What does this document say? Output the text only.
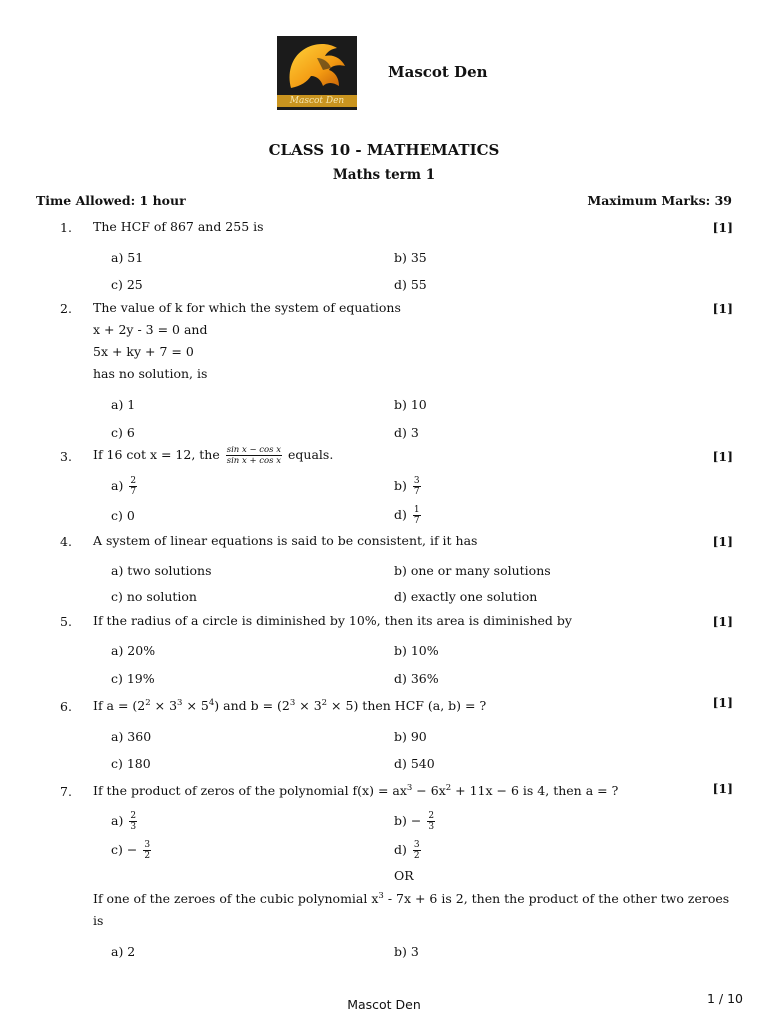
Mascot Den
Mascot Den
CLASS 10 - MATHEMATICS
Maths term 1
Time Allowed: 1 hour	Maximum Marks: 39
1. The HCF of 867 and 255 is	[1]
a) 51	b) 35
c) 25	d) 55
2. The value of k for which the system of equations
x + 2y - 3 = 0 and
5x + ky + 7 = 0
has no solution, is
[1]
a) 1	b) 10
c) 6	d) 3
3. If 16 cot x = 12, the $\frac{\text{sin x − cos x}}{\text{sin x + cos x}}$ equals.	[1]
$a) \frac{2}{7}$	$b) \frac{3}{7}$
c) 0	$d) \frac{1}{7}$
4. A system of linear equations is said to be consistent, if it has	[1]
a) two solutions	b) one or many solutions
c) no solution	d) exactly one solution
5. If the radius of a circle is diminished by 10%, then its area is diminished by	[1]
a) 20%	b) 10%
c) 19%	d) 36%
6. If $a = (2^2 \times 3^3 \times 5^4)$ and $b = (2^3 \times 3^2 \times 5)$ then HCF (a, b) = ?	[1]
a) 360	b) 90
c) 180	d) 540
7. If the product of zeros of the polynomial $f(x) = ax^3 - 6x^2 + 11x - 6$ is 4, then a = ?	[1]
$a) \frac{2}{3}$	$b) - \frac{2}{3}$
$c) - \frac{3}{2}$	$d) \frac{3}{2}$
OR
If one of the zeroes of the cubic polynomial $x^3 - 7x + 6$ is 2, then the product of the other two zeroes is
a) 2	b) 3
Mascot Den	1 / 10
